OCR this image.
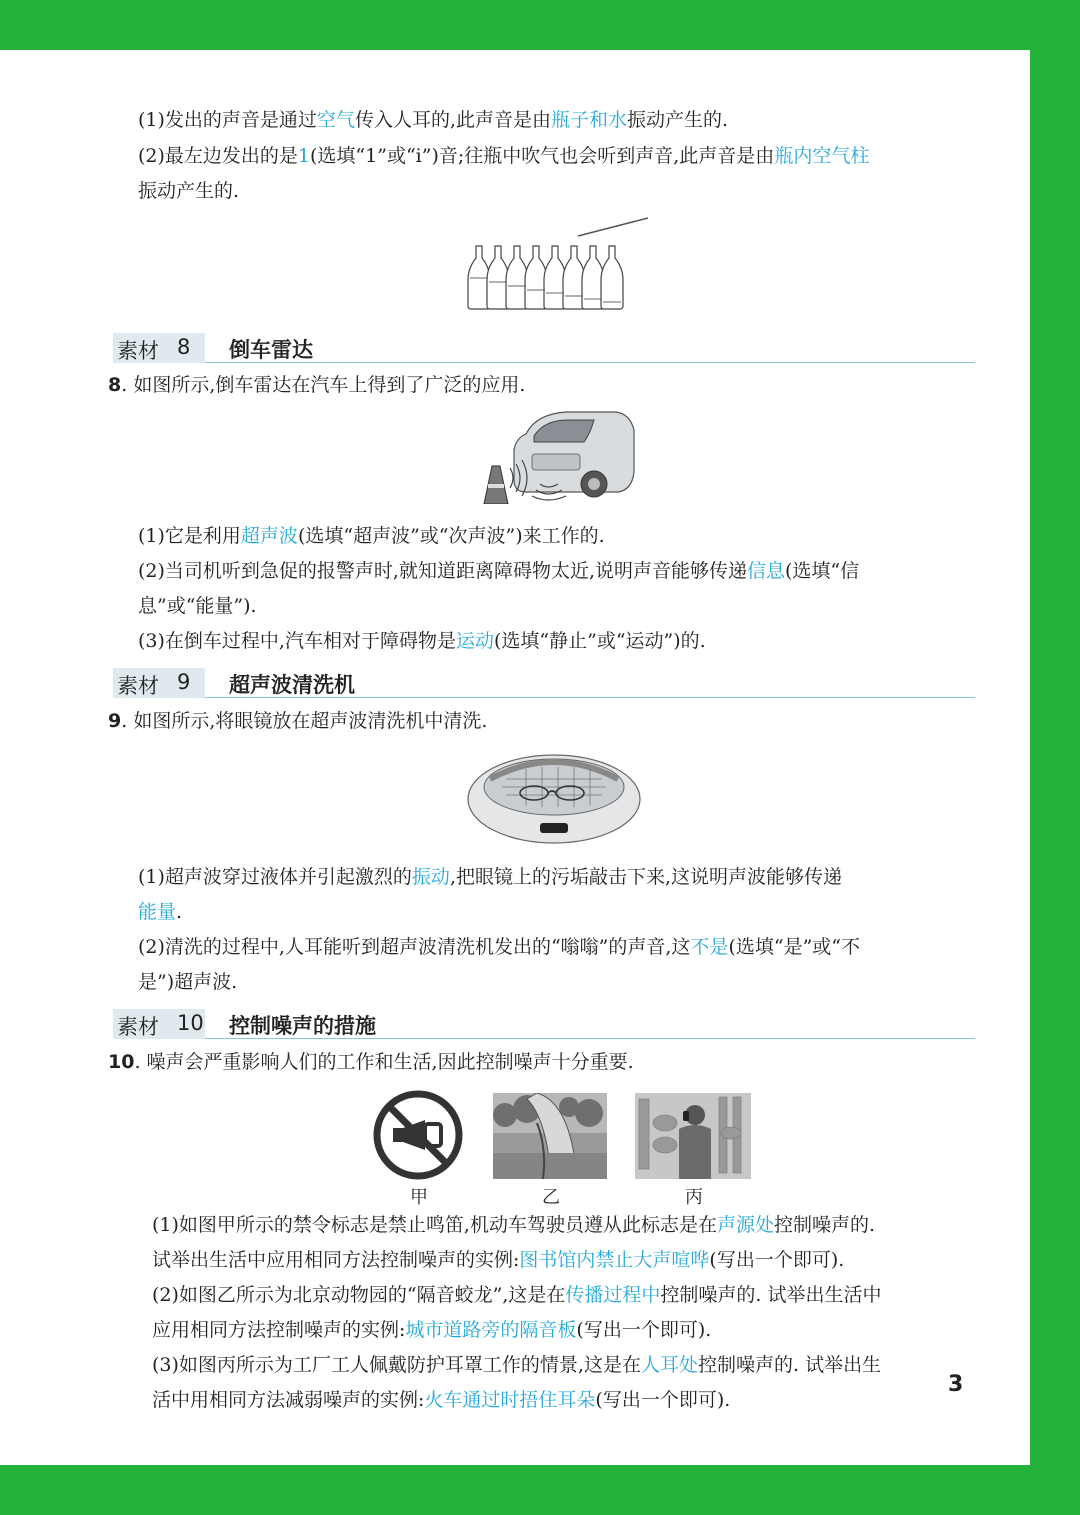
(1)发出的声音是通过空气传入人耳的,此声音是由瓶子和水振动产生的.
(2)最左边发出的是1(选填“1”或“i”)音;往瓶中吹气也会听到声音,此声音是由瓶内空气柱
振动产生的.
素材 8 倒车雷达
8. 如图所示,倒车雷达在汽车上得到了广泛的应用.
(1)它是利用超声波(选填“超声波”或“次声波”)来工作的.
(2)当司机听到急促的报警声时,就知道距离障碍物太近,说明声音能够传递信息(选填“信
息”或“能量”).
(3)在倒车过程中,汽车相对于障碍物是运动(选填“静止”或“运动”)的.
素材 9 超声波清洗机
9. 如图所示,将眼镜放在超声波清洗机中清洗.
(1)超声波穿过液体并引起激烈的振动,把眼镜上的污垢敲击下来,这说明声波能够传递
能量.
(2)清洗的过程中,人耳能听到超声波清洗机发出的“嗡嗡”的声音,这不是(选填“是”或“不
是”)超声波.
素材 10 控制噪声的措施
10. 噪声会严重影响人们的工作和生活,因此控制噪声十分重要.
甲	乙	丙
(1)如图甲所示的禁令标志是禁止鸣笛,机动车驾驶员遵从此标志是在声源处控制噪声的.
试举出生活中应用相同方法控制噪声的实例:图书馆内禁止大声喧哗(写出一个即可).
(2)如图乙所示为北京动物园的“隔音蛟龙”,这是在传播过程中控制噪声的. 试举出生活中
应用相同方法控制噪声的实例:城市道路旁的隔音板(写出一个即可).
(3)如图丙所示为工厂工人佩戴防护耳罩工作的情景,这是在人耳处控制噪声的. 试举出生
活中用相同方法减弱噪声的实例:火车通过时捂住耳朵(写出一个即可).
3
